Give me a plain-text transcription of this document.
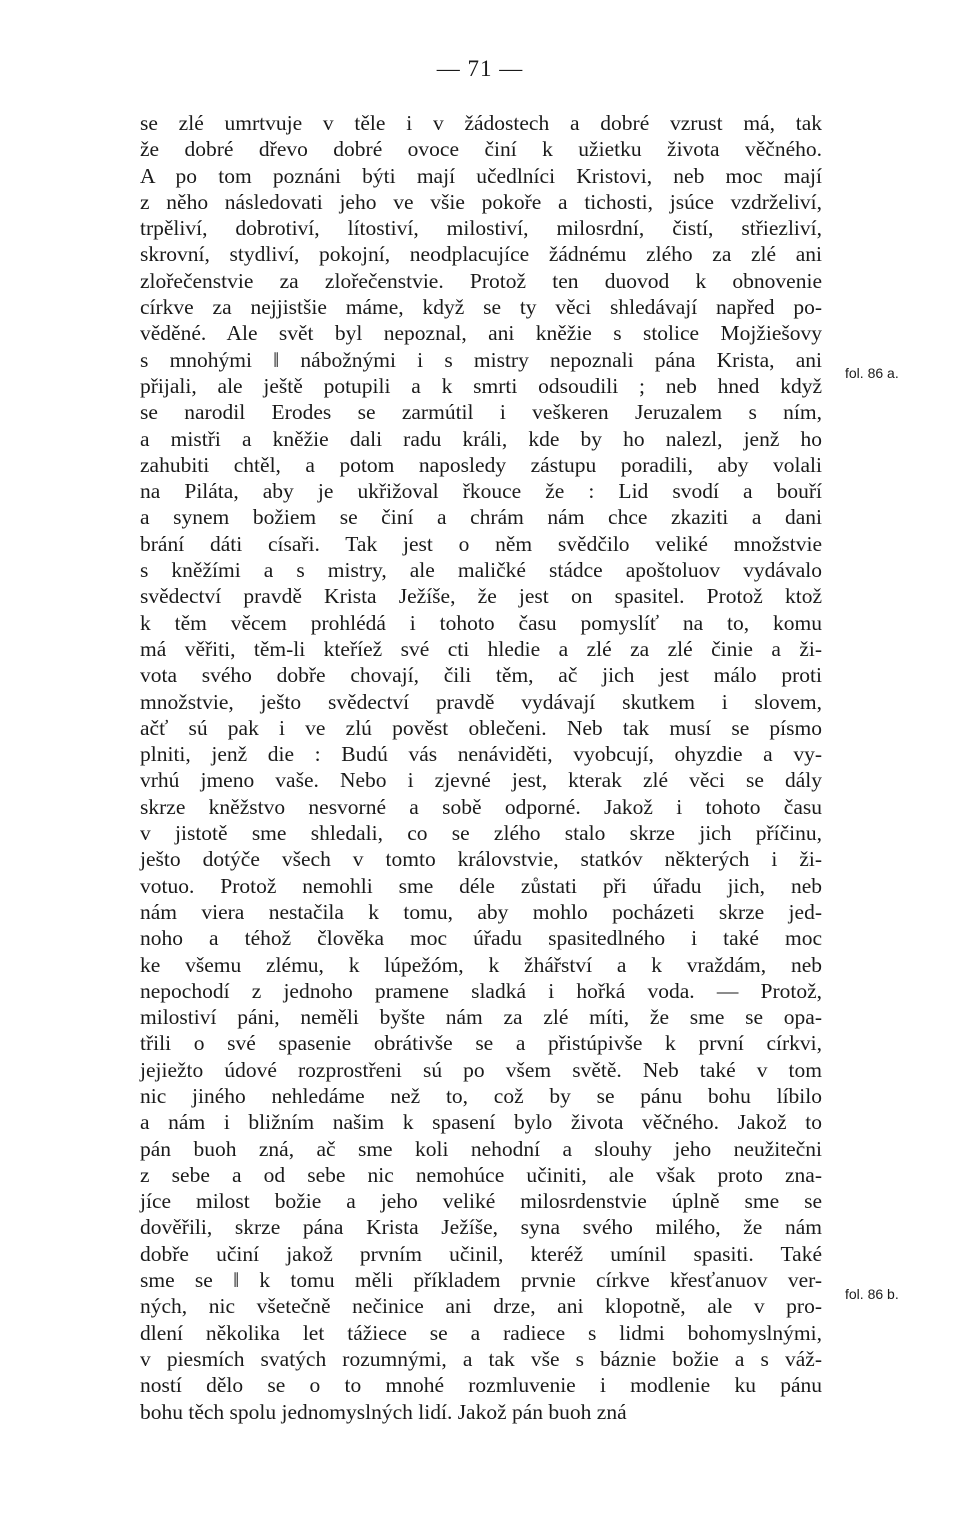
— 71 —
se zlé umrtvuje v těle i v žádostech a dobré vzrust má, tak
že dobré dřevo dobré ovoce činí k užietku života věčného.
A po tom poznáni býti mají učedlníci Kristovi, neb moc mají
z něho následovati jeho ve všie pokoře a tichosti, jsúce vzdrželiví,
trpěliví, dobrotiví, lítostiví, milostiví, milosrdní, čistí, střiezliví,
skrovní, stydliví, pokojní, neodplacujíce žádnému zlého za zlé ani
zlořečenstvie za zlořečenstvie. Protož ten duovod k obnovenie
církve za nejjistšie máme, když se ty věci shledávají napřed po-
věděné. Ale svět byl nepoznal, ani kněžie s stolice Mojžiešovy
s mnohými ‖ nábožnými i s mistry nepoznali pána Krista, ani
přijali, ale ještě potupili a k smrti odsoudili ; neb hned když
se narodil Erodes se zarmútil i veškeren Jeruzalem s ním,
a mistři a kněžie dali radu králi, kde by ho nalezl, jenž ho
zahubiti chtěl, a potom naposledy zástupu poradili, aby volali
na Piláta, aby je ukřižoval řkouce že : Lid svodí a bouří
a synem božiem se činí a chrám nám chce zkaziti a dani
brání dáti císaři. Tak jest o něm svědčilo veliké množstvie
s kněžími a s mistry, ale maličké stádce apoštoluov vydávalo
svědectví pravdě Krista Ježíše, že jest on spasitel. Protož ktož
k těm věcem prohlédá i tohoto času pomyslíť na to, komu
má věřiti, těm-li kteříež své cti hledie a zlé za zlé činie a ži-
vota svého dobře chovají, čili těm, ač jich jest málo proti
množstvie, ješto svědectví pravdě vydávají skutkem i slovem,
ačť sú pak i ve zlú pověst oblečeni. Neb tak musí se písmo
plniti, jenž die : Budú vás nenáviděti, vyobcují, ohyzdie a vy-
vrhú jmeno vaše. Nebo i zjevné jest, kterak zlé věci se dály
skrze kněžstvo nesvorné a sobě odporné. Jakož i tohoto času
v jistotě sme shledali, co se zlého stalo skrze jich příčinu,
ješto dotýče všech v tomto královstvie, statkóv některých i ži-
votuo. Protož nemohli sme déle zůstati při úřadu jich, neb
nám viera nestačila k tomu, aby mohlo pocházeti skrze jed-
noho a téhož člověka moc úřadu spasitedlného i také moc
ke všemu zlému, k lúpežóm, k žhářství a k vraždám, neb
nepochodí z jednoho pramene sladká i hořká voda. — Protož,
milostiví páni, neměli byšte nám za zlé míti, že sme se opa-
třili o své spasenie obrátivše se a přistúpivše k první církvi,
jejiežto údové rozprostřeni sú po všem světě. Neb také v tom
nic jiného nehledáme než to, což by se pánu bohu líbilo
a nám i bližním našim k spasení bylo života věčného. Jakož to
pán buoh zná, ač sme koli nehodní a slouhy jeho neužitečni
z sebe a od sebe nic nemohúce učiniti, ale však proto zna-
jíce milost božie a jeho veliké milosrdenstvie úplně sme se
dověřili, skrze pána Krista Ježíše, syna svého milého, že nám
dobře učiní jakož prvním učinil, kteréž umínil spasiti. Také
sme se ‖ k tomu měli příkladem prvnie církve křesťanuov ver-
ných, nic všetečně nečinice ani drze, ani klopotně, ale v pro-
dlení několika let tážiece se a radiece s lidmi bohomyslnými,
v piesmích svatých rozumnými, a tak vše s báznie božie a s váž-
ností dělo se o to mnohé rozmluvenie i modlenie ku pánu
bohu těch spolu jednomyslných lidí. Jakož pán buoh zná
fol. 86 a.
fol. 86 b.
